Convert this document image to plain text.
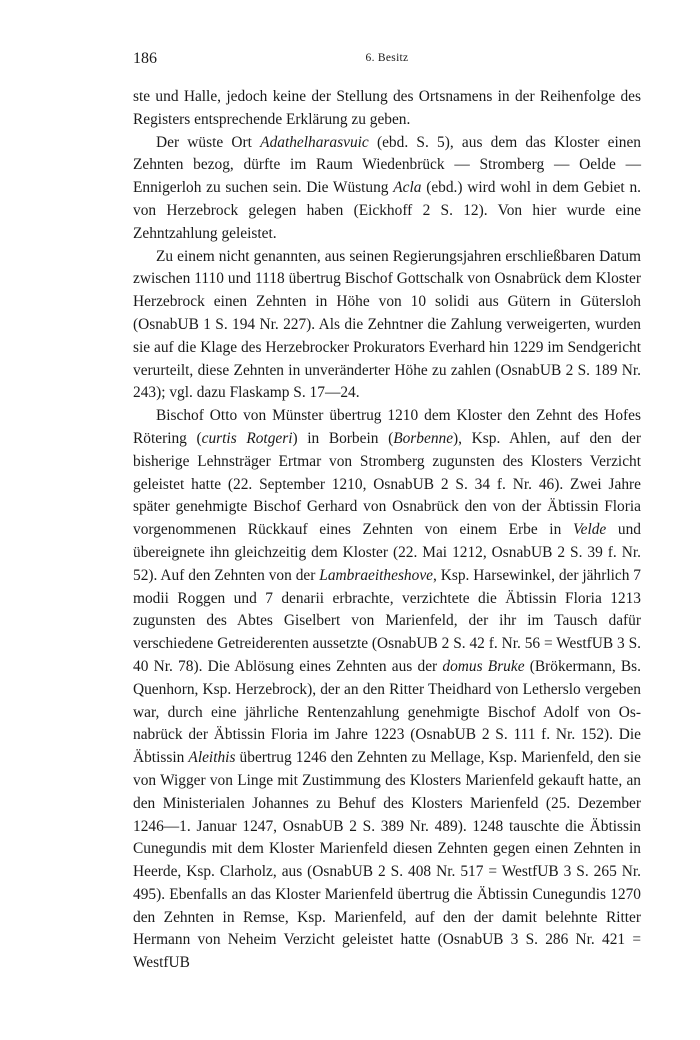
186	6. Besitz

ste und Halle, jedoch keine der Stellung des Ortsnamens in der Reihenfolge des Registers entsprechende Erklärung zu geben.

Der wüste Ort Adathelharasvuic (ebd. S. 5), aus dem das Kloster einen Zehnten bezog, dürfte im Raum Wiedenbrück — Stromberg — Oelde — Ennigerloh zu suchen sein. Die Wüstung Acla (ebd.) wird wohl in dem Gebiet n. von Herzebrock gelegen haben (Eickhoff 2 S. 12). Von hier wurde eine Zehntzahlung geleistet.

Zu einem nicht genannten, aus seinen Regierungsjahren erschließbaren Datum zwischen 1110 und 1118 übertrug Bischof Gottschalk von Osnabrück dem Kloster Herzebrock einen Zehnten in Höhe von 10 solidi aus Gütern in Gütersloh (OsnabUB 1 S. 194 Nr. 227). Als die Zehntner die Zahlung verweigerten, wurden sie auf die Klage des Herzebrocker Prokurators Everhard hin 1229 im Sendgericht verurteilt, diese Zehnten in unveränderter Höhe zu zahlen (OsnabUB 2 S. 189 Nr. 243); vgl. dazu Flaskamp S. 17—24.

Bischof Otto von Münster übertrug 1210 dem Kloster den Zehnt des Hofes Rötering (curtis Rotgeri) in Borbein (Borbenne), Ksp. Ahlen, auf den der bisherige Lehnsträger Ertmar von Stromberg zugunsten des Klosters Verzicht geleistet hatte (22. September 1210, OsnabUB 2 S. 34 f. Nr. 46). Zwei Jahre später genehmigte Bischof Gerhard von Osnabrück den von der Äbtissin Floria vorgenommenen Rückkauf eines Zehnten von einem Erbe in Velde und übereignete ihn gleichzeitig dem Kloster (22. Mai 1212, OsnabUB 2 S. 39 f. Nr. 52). Auf den Zehnten von der Lambraeitheshove, Ksp. Harsewinkel, der jährlich 7 modii Roggen und 7 denarii erbrachte, verzichtete die Äbtissin Floria 1213 zugunsten des Abtes Giselbert von Marienfeld, der ihr im Tausch dafür verschiedene Getreiderenten aussetzte (OsnabUB 2 S. 42 f. Nr. 56 = WestfUB 3 S. 40 Nr. 78). Die Ablösung eines Zehnten aus der domus Bruke (Brökermann, Bs. Quenhorn, Ksp. Herzebrock), der an den Ritter Theidhard von Letherslo vergeben war, durch eine jährliche Rentenzahlung genehmigte Bischof Adolf von Osnabrück der Äbtissin Floria im Jahre 1223 (OsnabUB 2 S. 111 f. Nr. 152). Die Äbtissin Aleithis übertrug 1246 den Zehnten zu Mellage, Ksp. Marienfeld, den sie von Wigger von Linge mit Zustimmung des Klosters Marienfeld gekauft hatte, an den Ministerialen Johannes zu Behuf des Klosters Marienfeld (25. Dezember 1246—1. Januar 1247, OsnabUB 2 S. 389 Nr. 489). 1248 tauschte die Äbtissin Cunegundis mit dem Kloster Marienfeld diesen Zehnten gegen einen Zehnten in Heerde, Ksp. Clarholz, aus (OsnabUB 2 S. 408 Nr. 517 = WestfUB 3 S. 265 Nr. 495). Ebenfalls an das Kloster Marienfeld übertrug die Äbtissin Cunegundis 1270 den Zehnten in Remse, Ksp. Marienfeld, auf den der damit belehnte Ritter Hermann von Neheim Verzicht geleistet hatte (OsnabUB 3 S. 286 Nr. 421 = WestfUB
